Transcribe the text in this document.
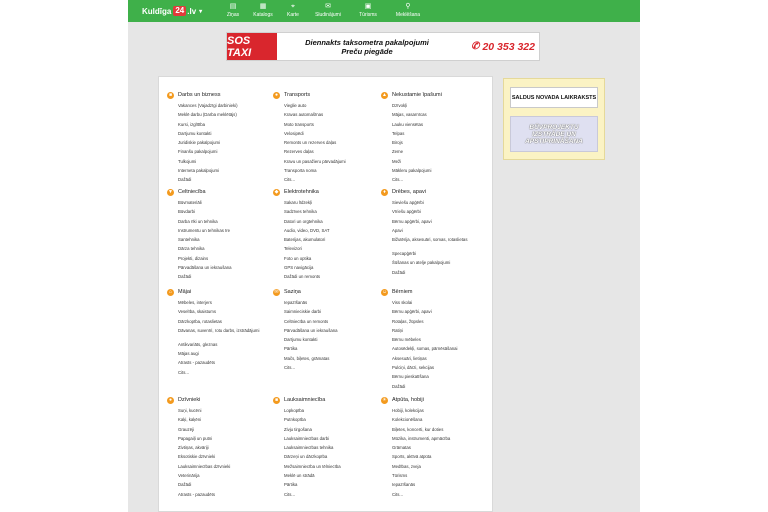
Kuldīga 24 .lv ▾
▤
Ziņas
▦
Katalogs
⌖
Karte
✉
Sludinājumi
▣
Tūrisms
⚲
Meklēšana
SOS TAXI
Diennakts taksometra pakalpojumi
Preču piegāde	✆ 20 353 322
■	Darbs un bizness
Vakances (Vajadzīgi darbinieki)
Meklē darbu (Darba meklētājs)
Kursi, izglītība
Darījumu kontakti
Juridiskie pakalpojumi
Finanšu pakalpojumi
Tulkojumi
Interneta pakalpojumi
Dažādi
●	Transports
Vieglie auto
Kravas automašīnas
Moto transports
Velosipēdi
Remonts un rezerves daļas
Rezerves daļas
Kravu un pasažieru pārvadājumi
Transporta noma
Cits...
▲ Nekustamie īpašumi
Dzīvokļi
Mājas, vasarnīcas
Lauku viensētas
Telpas
Birojs
Zeme
Meži
Mākleru pakalpojumi
Cits...
▼ Celtniecība
Būvmateriāli
Būvdarbi
Darba rīki un tehnika
Instrumentu un tehnikas īre
Santehnika
Dārza tehnika
Projekti, dizains
Pārvadāšana un iekraušana
Dažādi
◆ Elektrotehnika
Sakaru līdzekļi
Sadzīves tehnika
Datori un orgtehnika
Audio, video, DVD, SAT
Baterijas, akumulatori
Televizori
Foto un optika
GPS navigācija
Dažādi un remonts
♦	Drēbes, apavi
Sieviešu apģērbi
Vīriešu apģērbi
Bērnu apģērbi, apavi
Apavi
Bižutērija, aksesuāri, somas, rotaslietas
Specapģērbi
Šūšanas un atelje pakalpojumi
Dažādi
⌂	Mājai
Mēbeles, interjers
Veselība, skaistums
Dārzkopība, rotaslietas
Dāvanas, suvenīri, rotu darbs, izstrādājumi
Antikvariāts, gleznas
Mājas augi
Atrasts - pazaudēts
Cits...
✉ Saziņa
Iepazīšanās
Saimnieciskie darbi
Celtniecība un remonts
Pārvadāšana un iekraušana
Darījumu kontakti
Pārtika
Mačs, biļetes, grāmatas
Cits...
☺ Bērniem
Viss skolai
Bērnu apģērbi, apavi
Rotaļas, žūpsles
Ratiņi
Bērnu mēbeles
Autosēdekļi, somas, pārnēsāšanai
Aksesuāri, lietiņas
Pulciņi, dārzi, sekcijas
Bērnu pieskatīšana
Dažādi
●	Dzīvnieki
Suņi, kucēni
Kaķi, kaķēni
Grauzēji
Papagaiļi un putni
Zivtiņas, akvāriji
Eksotiskie dzīvnieki
Lauksaimniecības dzīvnieki
Veterinārija
Dažādi
Atrasts - pazaudēts
■	Lauksaimniecība
Lopkopība
Putnkopība
Zivju tirgošana
Lauksaimniecības darbi
Lauksaimniecības tehnika
Dārzeņi un dārzkopība
Mežsaimniecība un tēlniecība
Meklē un strādā
Pārtika
Cits...
☀ Atpūta, hobiji
Hobiji, kolekcijas
Kolekcionēšana
Biļetes, koncerti, kur doties
Mūzika, instrumenti, apmācība
Grāmatas
Sports, aktīvā atpūta
Medības, zveja
Tūrisms
Iepazīšanās
Cits...
SALDUS NOVADA LAIKRAKSTS
BŪVPROJEKTU
IZSTRĀDE UN
APSTIPRINĀŠANA
